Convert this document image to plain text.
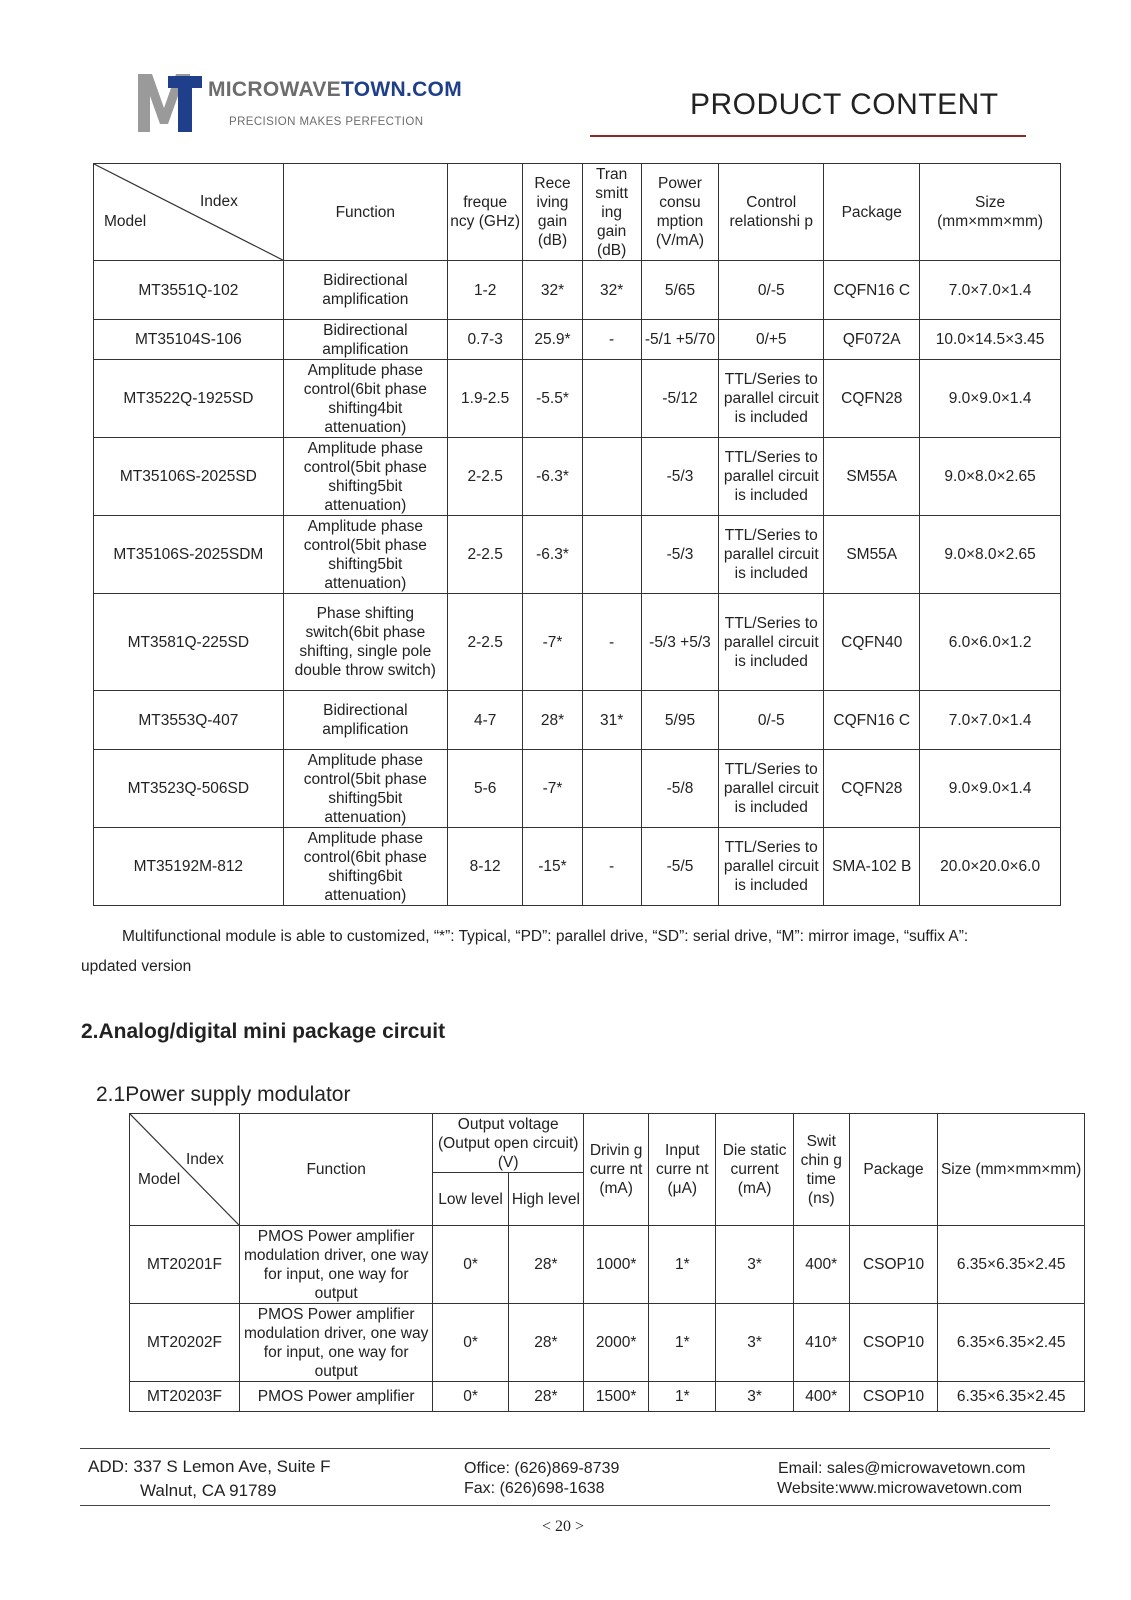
MICROWAVETOWN.COM
PRECISION MAKES PERFECTION
PRODUCT CONTENT
Index
Model	Function	freque ncy (GHz)	Rece iving gain (dB)	Tran smitt ing gain (dB)	Power consu mption (V/mA)	Control relationshi p	Package	Size (mm×mm×mm)
MT3551Q-102	Bidirectional amplification	1-2	32*	32*	5/65	0/-5	CQFN16 C	7.0×7.0×1.4
MT35104S-106	Bidirectional amplification	0.7-3	25.9*	-	-5/1 +5/70	0/+5	QF072A	10.0×14.5×3.45
MT3522Q-1925SD	Amplitude phase control(6bit phase shifting4bit attenuation)	1.9-2.5	-5.5*		-5/12	TTL/Series to parallel circuit is included	CQFN28	9.0×9.0×1.4
MT35106S-2025SD	Amplitude phase control(5bit phase shifting5bit attenuation)	2-2.5	-6.3*		-5/3	TTL/Series to parallel circuit is included	SM55A	9.0×8.0×2.65
MT35106S-2025SDM	Amplitude phase control(5bit phase shifting5bit attenuation)	2-2.5	-6.3*		-5/3	TTL/Series to parallel circuit is included	SM55A	9.0×8.0×2.65
MT3581Q-225SD	Phase shifting switch(6bit phase shifting, single pole double throw switch)	2-2.5	-7*	-	-5/3 +5/3	TTL/Series to parallel circuit is included	CQFN40	6.0×6.0×1.2
MT3553Q-407	Bidirectional amplification	4-7	28*	31*	5/95	0/-5	CQFN16 C	7.0×7.0×1.4
MT3523Q-506SD	Amplitude phase control(5bit phase shifting5bit attenuation)	5-6	-7*		-5/8	TTL/Series to parallel circuit is included	CQFN28	9.0×9.0×1.4
MT35192M-812	Amplitude phase control(6bit phase shifting6bit attenuation)	8-12	-15*	-	-5/5	TTL/Series to parallel circuit is included	SMA-102 B	20.0×20.0×6.0
Multifunctional module is able to customized, “*”: Typical, “PD”: parallel drive, “SD”: serial drive, “M”: mirror image, “suffix A”:
updated version
2.Analog/digital mini package circuit
2.1Power supply modulator
Index
Model	Function	Output voltage (Output open circuit)(V)		Drivin g curre nt (mA)	Input curre nt (μA)	Die static current (mA)	Swit chin g time (ns)	Package	Size (mm×mm×mm)
		Low level	High level						
MT20201F	PMOS Power amplifier modulation driver, one way for input, one way for output	0*	28*	1000*	1*	3*	400*	CSOP10	6.35×6.35×2.45
MT20202F	PMOS Power amplifier modulation driver, one way for input, one way for output	0*	28*	2000*	1*	3*	410*	CSOP10	6.35×6.35×2.45
MT20203F	PMOS Power amplifier	0*	28*	1500*	1*	3*	400*	CSOP10	6.35×6.35×2.45
ADD: 337 S Lemon Ave, Suite F
Walnut, CA 91789
Office: (626)869-8739
Fax: (626)698-1638
Email: sales@microwavetown.com
Website:www.microwavetown.com
< 20 >
